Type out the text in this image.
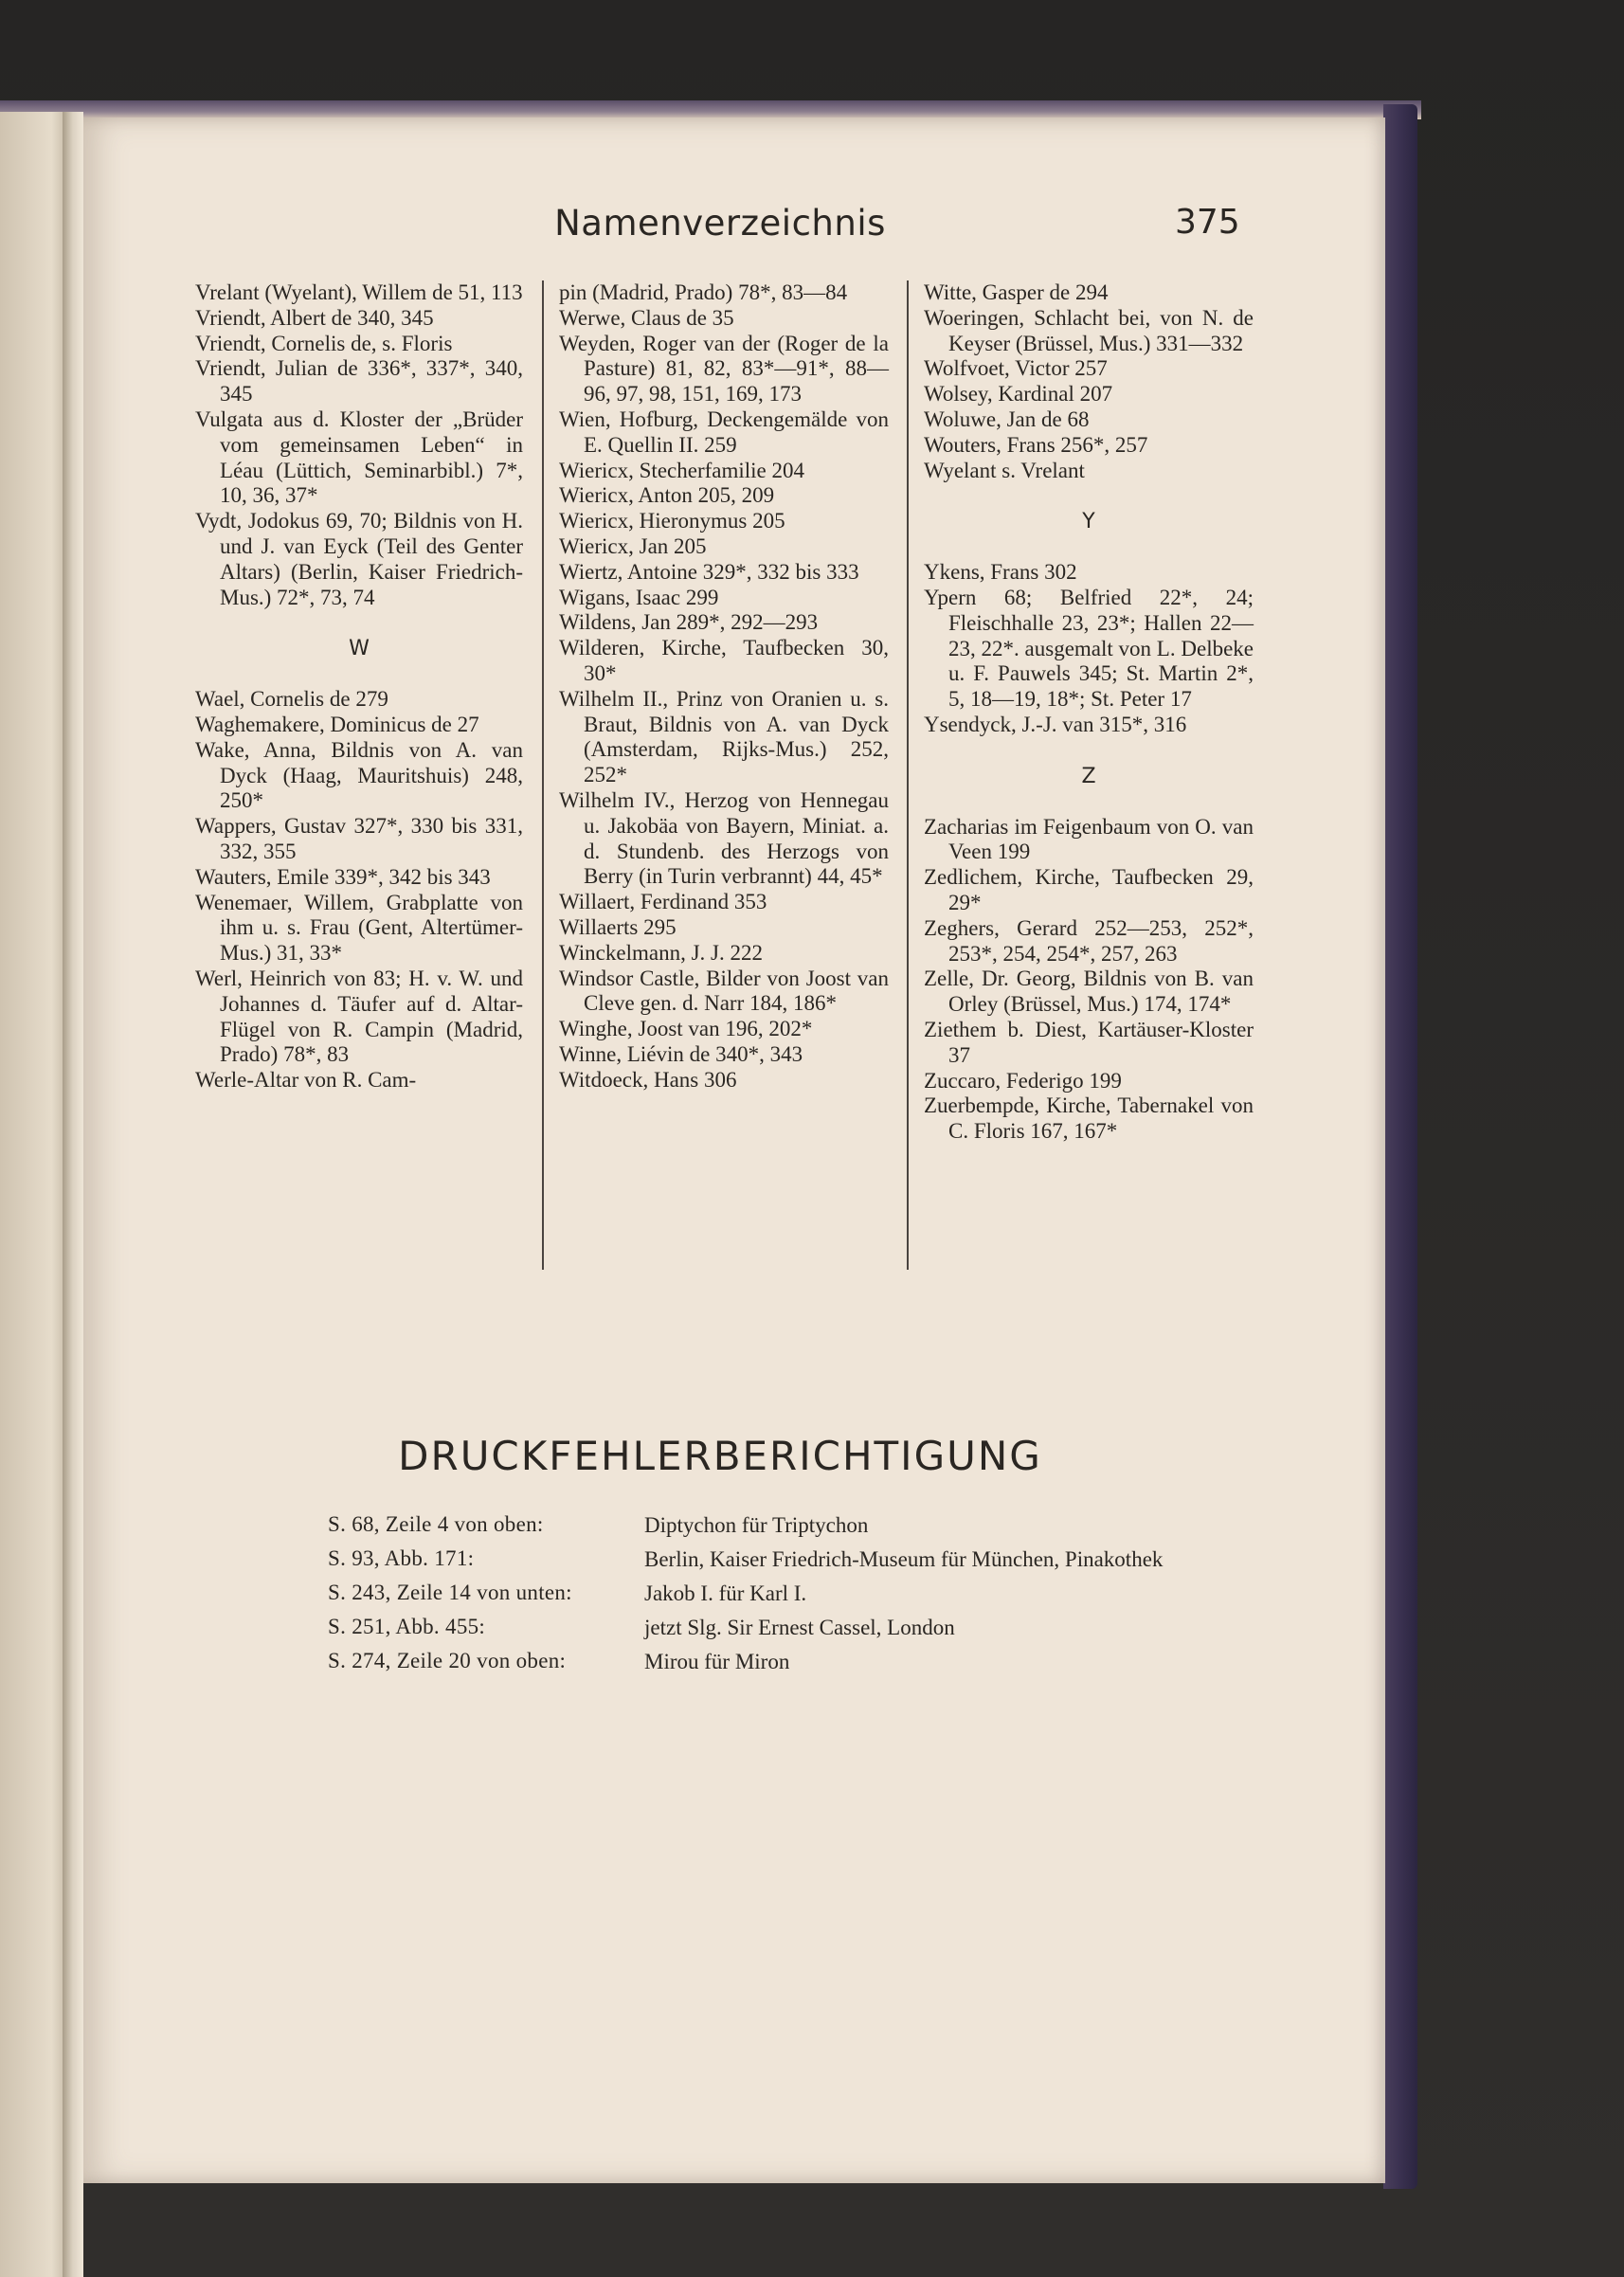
Namenverzeichnis	375
Vrelant (Wyelant), Willem de 51, 113
Vriendt, Albert de 340, 345
Vriendt, Cornelis de, s. Floris
Vriendt, Julian de 336*, 337*, 340, 345
Vulgata aus d. Kloster der „Brüder vom gemeinsamen Leben“ in Léau (Lüttich, Seminarbibl.) 7*, 10, 36, 37*
Vydt, Jodokus 69, 70; Bildnis von H. und J. van Eyck (Teil des Genter Altars) (Berlin, Kaiser Friedrich-Mus.) 72*, 73, 74
W
Wael, Cornelis de 279
Waghemakere, Dominicus de 27
Wake, Anna, Bildnis von A. van Dyck (Haag, Mauritshuis) 248, 250*
Wappers, Gustav 327*, 330 bis 331, 332, 355
Wauters, Emile 339*, 342 bis 343
Wenemaer, Willem, Grabplatte von ihm u. s. Frau (Gent, Altertümer-Mus.) 31, 33*
Werl, Heinrich von 83; H. v. W. und Johannes d. Täufer auf d. Altar-Flügel von R. Campin (Madrid, Prado) 78*, 83
Werle-Altar von R. Cam-
pin (Madrid, Prado) 78*, 83—84
Werwe, Claus de 35
Weyden, Roger van der (Roger de la Pasture) 81, 82, 83*—91*, 88—96, 97, 98, 151, 169, 173
Wien, Hofburg, Deckengemälde von E. Quellin II. 259
Wiericx, Stecherfamilie 204
Wiericx, Anton 205, 209
Wiericx, Hieronymus 205
Wiericx, Jan 205
Wiertz, Antoine 329*, 332 bis 333
Wigans, Isaac 299
Wildens, Jan 289*, 292—293
Wilderen, Kirche, Taufbecken 30, 30*
Wilhelm II., Prinz von Oranien u. s. Braut, Bildnis von A. van Dyck (Amsterdam, Rijks-Mus.) 252, 252*
Wilhelm IV., Herzog von Hennegau u. Jakobäa von Bayern, Miniat. a. d. Stundenb. des Herzogs von Berry (in Turin verbrannt) 44, 45*
Willaert, Ferdinand 353
Willaerts 295
Winckelmann, J. J. 222
Windsor Castle, Bilder von Joost van Cleve gen. d. Narr 184, 186*
Winghe, Joost van 196, 202*
Winne, Liévin de 340*, 343
Witdoeck, Hans 306
Witte, Gasper de 294
Woeringen, Schlacht bei, von N. de Keyser (Brüssel, Mus.) 331—332
Wolfvoet, Victor 257
Wolsey, Kardinal 207
Woluwe, Jan de 68
Wouters, Frans 256*, 257
Wyelant s. Vrelant
Y
Ykens, Frans 302
Ypern 68; Belfried 22*, 24; Fleischhalle 23, 23*; Hallen 22—23, 22*. ausgemalt von L. Delbeke u. F. Pauwels 345; St. Martin 2*, 5, 18—19, 18*; St. Peter 17
Ysendyck, J.-J. van 315*, 316
Z
Zacharias im Feigenbaum von O. van Veen 199
Zedlichem, Kirche, Taufbecken 29, 29*
Zeghers, Gerard 252—253, 252*, 253*, 254, 254*, 257, 263
Zelle, Dr. Georg, Bildnis von B. van Orley (Brüssel, Mus.) 174, 174*
Ziethem b. Diest, Kartäuser-Kloster 37
Zuccaro, Federigo 199
Zuerbempde, Kirche, Tabernakel von C. Floris 167, 167*
DRUCKFEHLERBERICHTIGUNG
S. 68, Zeile 4 von oben:	Diptychon für Triptychon
S. 93, Abb. 171:	Berlin, Kaiser Friedrich-Museum für München, Pinakothek
S. 243, Zeile 14 von unten:	Jakob I. für Karl I.
S. 251, Abb. 455:	jetzt Slg. Sir Ernest Cassel, London
S. 274, Zeile 20 von oben:	Mirou für Miron
